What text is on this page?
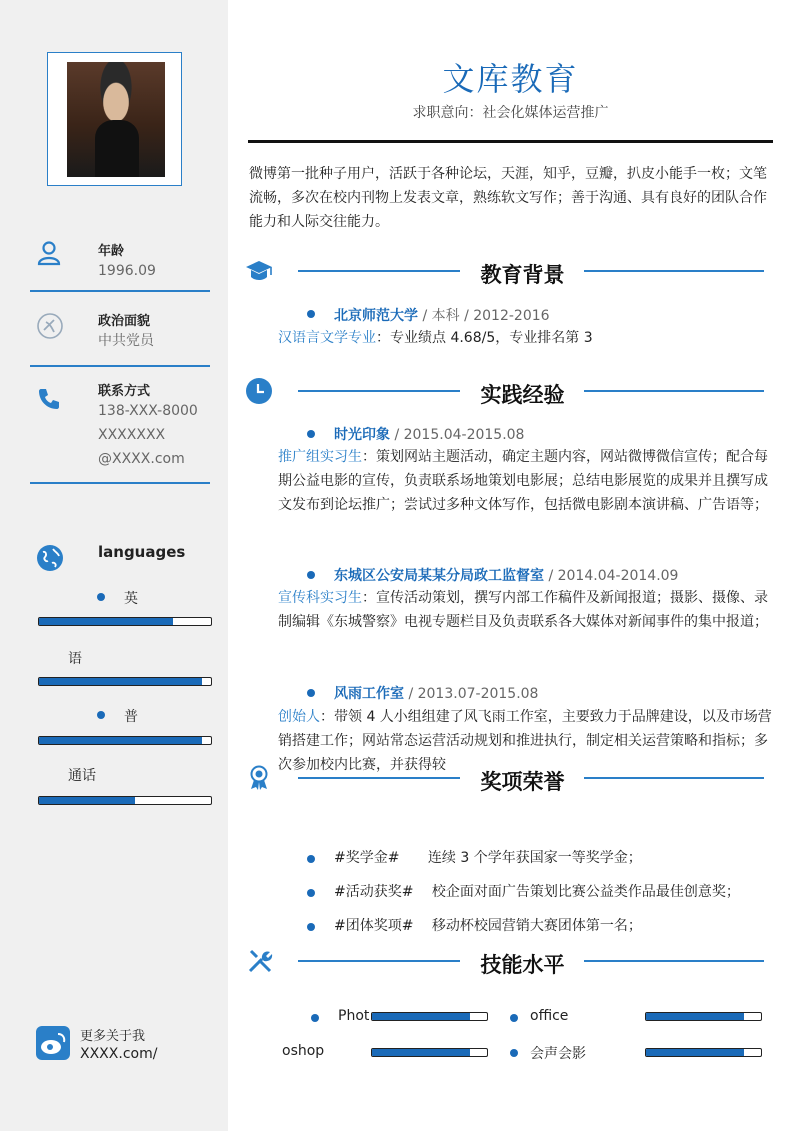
年龄
1996.09
政治面貌
中共党员
联系方式
138-XXX-8000
XXXXXXX
@XXXX.com
languages
英
语
普
通话
更多关于我
XXXX.com/
文库教育
求职意向：社会化媒体运营推广
微博第一批种子用户，活跃于各种论坛，天涯，知乎，豆瓣，扒皮小能手一枚；文笔流畅，多次在校内刊物上发表文章，熟练软文写作；善于沟通、具有良好的团队合作能力和人际交往能力。
教育背景
北京师范大学 / 本科 / 2012-2016
汉语言文学专业：专业绩点 4.68/5，专业排名第 3
实践经验
时光印象 / 2015.04-2015.08
推广组实习生：策划网站主题活动，确定主题内容，网站微博微信宣传；配合每期公益电影的宣传，负责联系场地策划电影展；总结电影展览的成果并且撰写成文发布到论坛推广；尝试过多种文体写作，包括微电影剧本演讲稿、广告语等；
东城区公安局某某分局政工监督室 / 2014.04-2014.09
宣传科实习生：宣传活动策划，撰写内部工作稿件及新闻报道；摄影、摄像、录制编辑《东城警察》电视专题栏目及负责联系各大媒体对新闻事件的集中报道；
风雨工作室 / 2013.07-2015.08
创始人：带领 4 人小组组建了风飞雨工作室，主要致力于品牌建设，以及市场营销搭建工作；网站常态运营活动规划和推进执行，制定相关运营策略和指标；多次参加校内比赛，并获得较
奖项荣誉
#奖学金# 连续 3 个学年获国家一等奖学金；
#活动获奖# 校企面对面广告策划比赛公益类作品最佳创意奖；
#团体奖项# 移动杯校园营销大赛团体第一名；
技能水平
Phot
oshop
office
会声会影
